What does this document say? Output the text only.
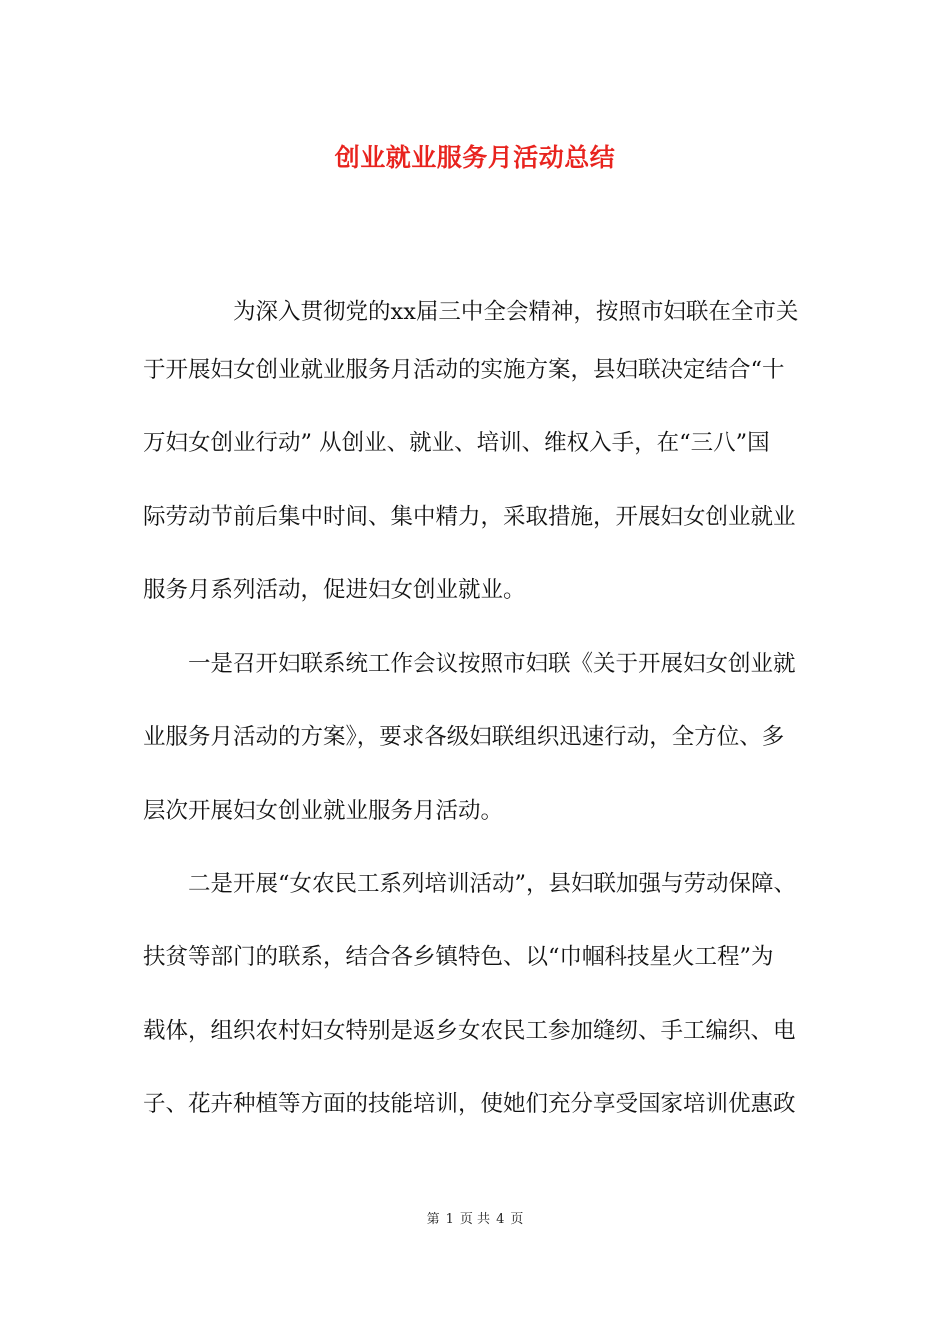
创业就业服务月活动总结
为深入贯彻党的xx届三中全会精神，按照市妇联在全市关
于开展妇女创业就业服务月活动的实施方案，县妇联决定结合“十
万妇女创业行动” 从创业、就业、培训、维权入手，在“三八”国
际劳动节前后集中时间、集中精力，采取措施，开展妇女创业就业
服务月系列活动，促进妇女创业就业。
一是召开妇联系统工作会议按照市妇联《关于开展妇女创业就
业服务月活动的方案》，要求各级妇联组织迅速行动，全方位、多
层次开展妇女创业就业服务月活动。
二是开展“女农民工系列培训活动”，县妇联加强与劳动保障、
扶贫等部门的联系，结合各乡镇特色、以“巾帼科技星火工程”为
载体，组织农村妇女特别是返乡女农民工参加缝纫、手工编织、电
子、花卉种植等方面的技能培训，使她们充分享受国家培训优惠政
第 1 页 共 4 页
